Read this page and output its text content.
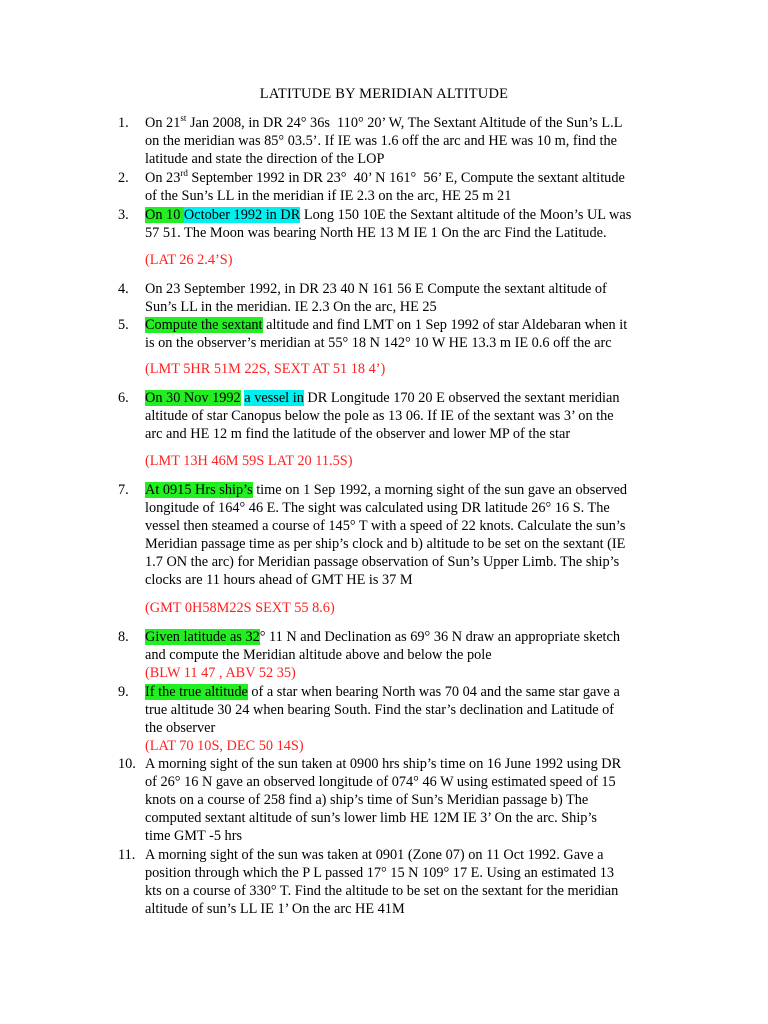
LATITUDE BY MERIDIAN ALTITUDE
1.	On 21st Jan 2008, in DR 24° 36s  110° 20’ W, The Sextant Altitude of the Sun’s L.L
on the meridian was 85° 03.5’. If IE was 1.6 off the arc and HE was 10 m, find the
latitude and state the direction of the LOP
2.	On 23rd September 1992 in DR 23°  40’ N 161°  56’ E, Compute the sextant altitude
of the Sun’s LL in the meridian if IE 2.3 on the arc, HE 25 m 21
3.	On 10 October 1992 in DR Long 150 10E the Sextant altitude of the Moon’s UL was
57 51. The Moon was bearing North HE 13 M IE 1 On the arc Find the Latitude.
(LAT 26 2.4’S)
4.	On 23 September 1992, in DR 23 40 N 161 56 E Compute the sextant altitude of
Sun’s LL in the meridian. IE 2.3 On the arc, HE 25
5.	Compute the sextant altitude and find LMT on 1 Sep 1992 of star Aldebaran when it
is on the observer’s meridian at 55° 18 N 142° 10 W HE 13.3 m IE 0.6 off the arc
(LMT 5HR 51M 22S, SEXT AT 51 18 4’)
6.	On 30 Nov 1992 a vessel in DR Longitude 170 20 E observed the sextant meridian
altitude of star Canopus below the pole as 13 06. If IE of the sextant was 3’ on the
arc and HE 12 m find the latitude of the observer and lower MP of the star
(LMT 13H 46M 59S LAT 20 11.5S)
7.	At 0915 Hrs ship’s time on 1 Sep 1992, a morning sight of the sun gave an observed
longitude of 164° 46 E. The sight was calculated using DR latitude 26° 16 S. The
vessel then steamed a course of 145° T with a speed of 22 knots. Calculate the sun’s
Meridian passage time as per ship’s clock and b) altitude to be set on the sextant (IE
1.7 ON the arc) for Meridian passage observation of Sun’s Upper Limb. The ship’s
clocks are 11 hours ahead of GMT HE is 37 M
(GMT 0H58M22S SEXT 55 8.6)
8.	Given latitude as 32° 11 N and Declination as 69° 36 N draw an appropriate sketch
and compute the Meridian altitude above and below the pole
(BLW 11 47 , ABV 52 35)
9.	If the true altitude of a star when bearing North was 70 04 and the same star gave a
true altitude 30 24 when bearing South. Find the star’s declination and Latitude of
the observer
(LAT 70 10S, DEC 50 14S)
10. A morning sight of the sun taken at 0900 hrs ship’s time on 16 June 1992 using DR
of 26° 16 N gave an observed longitude of 074° 46 W using estimated speed of 15
knots on a course of 258 find a) ship’s time of Sun’s Meridian passage b) The
computed sextant altitude of sun’s lower limb HE 12M IE 3’ On the arc. Ship’s
time GMT -5 hrs
11. A morning sight of the sun was taken at 0901 (Zone 07) on 11 Oct 1992. Gave a
position through which the P L passed 17° 15 N 109° 17 E. Using an estimated 13
kts on a course of 330° T. Find the altitude to be set on the sextant for the meridian
altitude of sun’s LL IE 1’ On the arc HE 41M
